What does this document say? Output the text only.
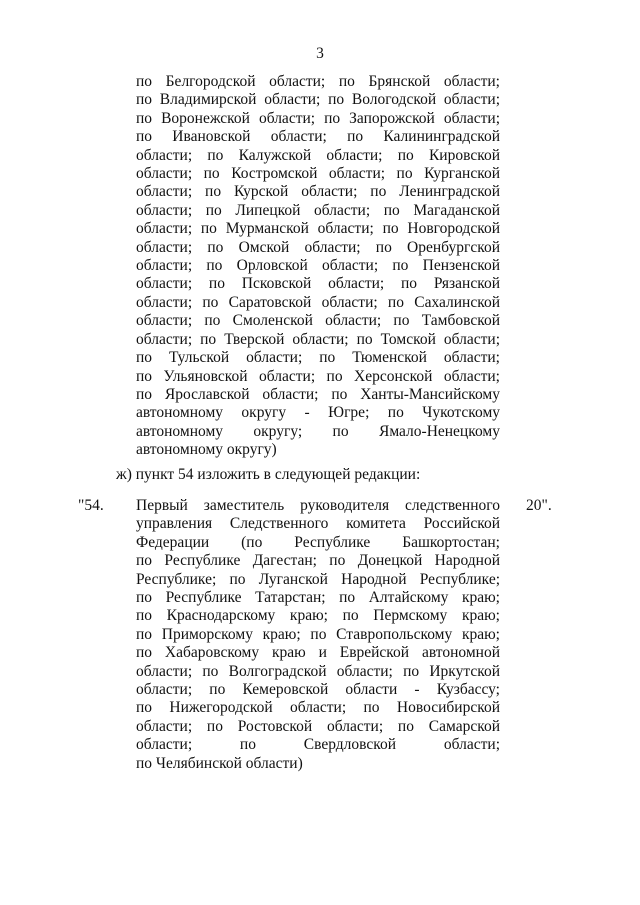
3
по Белгородской области; по Брянской области;
по Владимирской области; по Вологодской области;
по Воронежской области; по Запорожской области;
по Ивановской области; по Калининградской
области; по Калужской области; по Кировской
области; по Костромской области; по Курганской
области; по Курской области; по Ленинградской
области; по Липецкой области; по Магаданской
области; по Мурманской области; по Новгородской
области; по Омской области; по Оренбургской
области; по Орловской области; по Пензенской
области; по Псковской области; по Рязанской
области; по Саратовской области; по Сахалинской
области; по Смоленской области; по Тамбовской
области; по Тверской области; по Томской области;
по Тульской области; по Тюменской области;
по Ульяновской области; по Херсонской области;
по Ярославской области; по Ханты-Мансийскому
автономному округу - Югре; по Чукотскому
автономному округу; по Ямало-Ненецкому
автономному округу)
ж) пункт 54 изложить в следующей редакции:
"54. Первый заместитель руководителя следственного
управления Следственного комитета Российской
Федерации (по Республике Башкортостан;
по Республике Дагестан; по Донецкой Народной
Республике; по Луганской Народной Республике;
по Республике Татарстан; по Алтайскому краю;
по Краснодарскому краю; по Пермскому краю;
по Приморскому краю; по Ставропольскому краю;
по Хабаровскому краю и Еврейской автономной
области; по Волгоградской области; по Иркутской
области; по Кемеровской области - Кузбассу;
по Нижегородской области; по Новосибирской
области; по Ростовской области; по Самарской
области; по Свердловской области;
по Челябинской области)
20".
